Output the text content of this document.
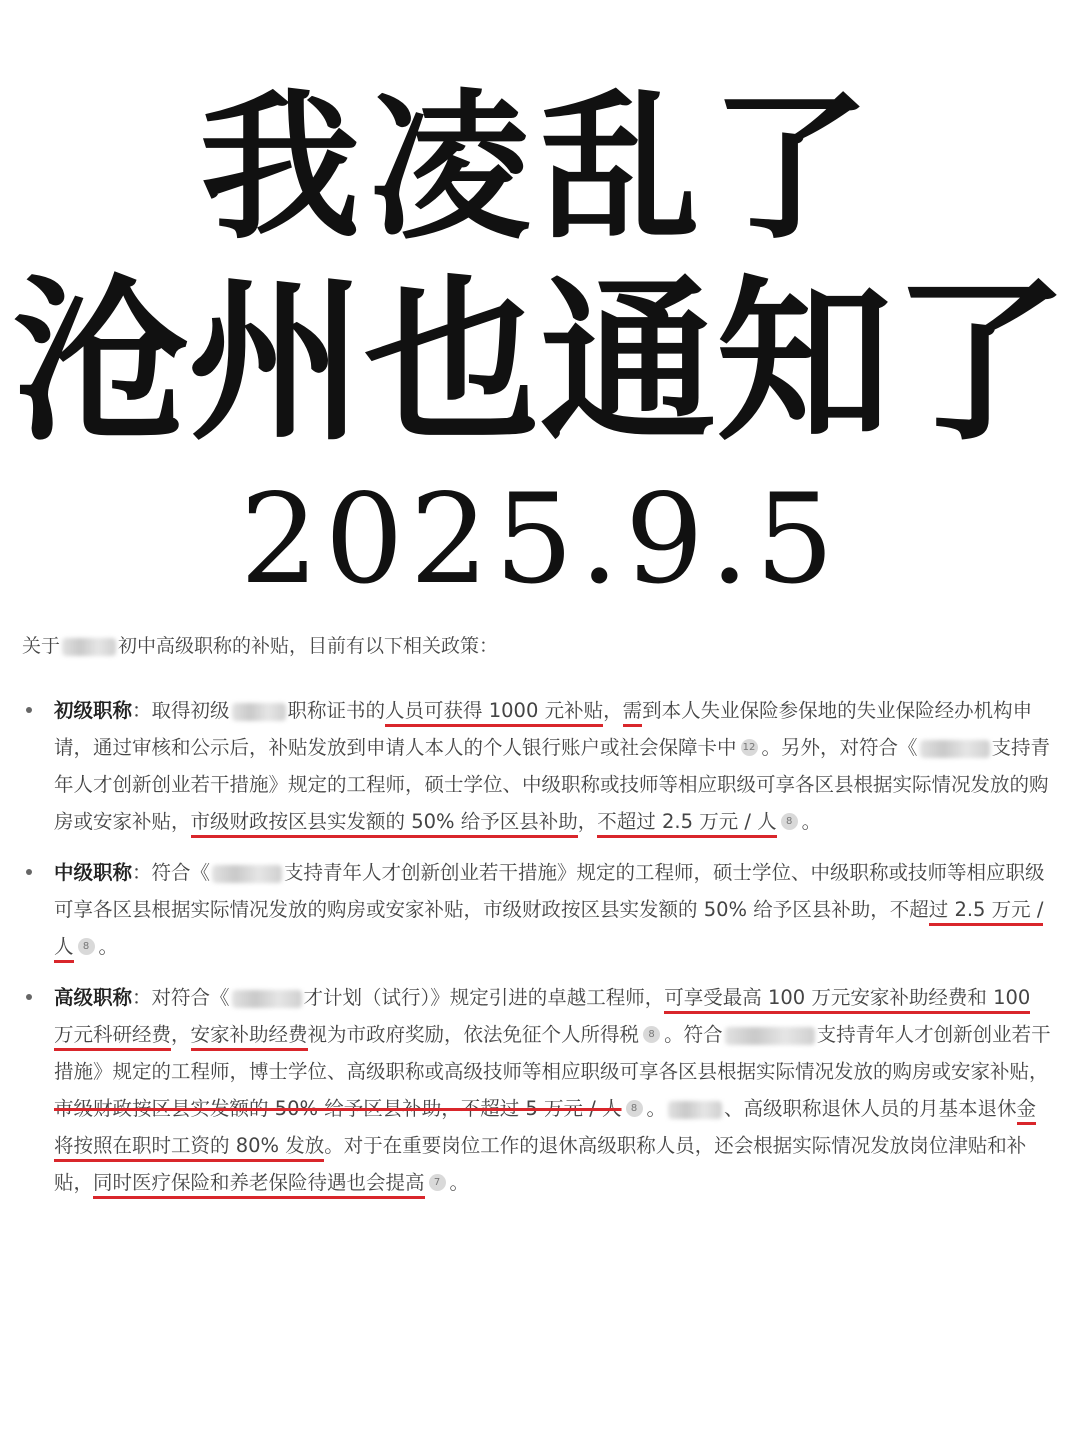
我凌乱了
沧州也通知了
2025.9.5
关于	初中高级职称的补贴，目前有以下相关政策：
初级职称：取得初级	职称证书的人员可获得 1000 元补贴，需到本人失业保险参保地的失业保险经办机构申请，通过审核和公示后，补贴发放到申请人本人的个人银行账户或社会保障卡中 12 。另外，对符合《	支持青年人才创新创业若干措施》规定的工程师，硕士学位、中级职称或技师等相应职级可享各区县根据实际情况发放的购房或安家补贴，市级财政按区县实发额的 50% 给予区县补助，不超过 2.5 万元 / 人 8 。
中级职称：符合《	支持青年人才创新创业若干措施》规定的工程师，硕士学位、中级职称或技师等相应职级可享各区县根据实际情况发放的购房或安家补贴，市级财政按区县实发额的 50% 给予区县补助，不超过 2.5 万元 / 人 8 。
高级职称：对符合《	才计划（试行）》规定引进的卓越工程师，可享受最高 100 万元安家补助经费和 100 万元科研经费，安家补助经费视为市政府奖励，依法免征个人所得税 8 。符合	支持青年人才创新创业若干措施》规定的工程师，博士学位、高级职称或高级技师等相应职级可享各区县根据实际情况发放的购房或安家补贴，市级财政按区县实发额的 50% 给予区县补助，不超过 5 万元 / 人 8 。	、高级职称退休人员的月基本退休金将按照在职时工资的 80% 发放。对于在重要岗位工作的退休高级职称人员，还会根据实际情况发放岗位津贴和补贴，同时医疗保险和养老保险待遇也会提高 7 。
